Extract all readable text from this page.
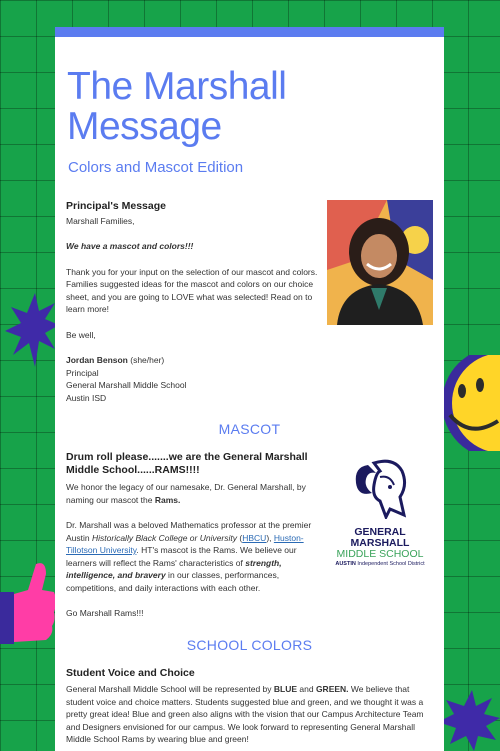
The Marshall Message
Colors and Mascot Edition

Principal's Message

Marshall Families,

We have a mascot and colors!!!

Thank you for your input on the selection of our mascot and colors. Families suggested ideas for the mascot and colors on our choice sheet, and you are going to LOVE what was selected! Read on to learn more!

Be well,

Jordan Benson (she/her)

Principal

General Marshall Middle School

Austin ISD

MASCOT

Drum roll please.......we are the General Marshall Middle School......RAMS!!!!

We honor the legacy of our namesake, Dr. General Marshall, by naming our mascot the Rams.

Dr. Marshall was a beloved Mathematics professor at the premier Austin Historically Black College or University (HBCU), Huston-Tillotson University. HT's mascot is the Rams. We believe our learners will reflect the Rams' characteristics of strength, intelligence, and bravery in our classes, performances, competitions, and daily interactions with each other.

Go Marshall Rams!!!

GENERAL MARSHALL
MIDDLE SCHOOL
AUSTIN Independent School District
SCHOOL COLORS

Student Voice and Choice

General Marshall Middle School will be represented by BLUE and GREEN. We believe that student voice and choice matters. Students suggested blue and green, and we thought it was a pretty great idea! Blue and green also aligns with the vision that our Campus Architecture Team and Designers envisioned for our campus. We look forward to representing General Marshall Middle School Rams by wearing blue and green!
